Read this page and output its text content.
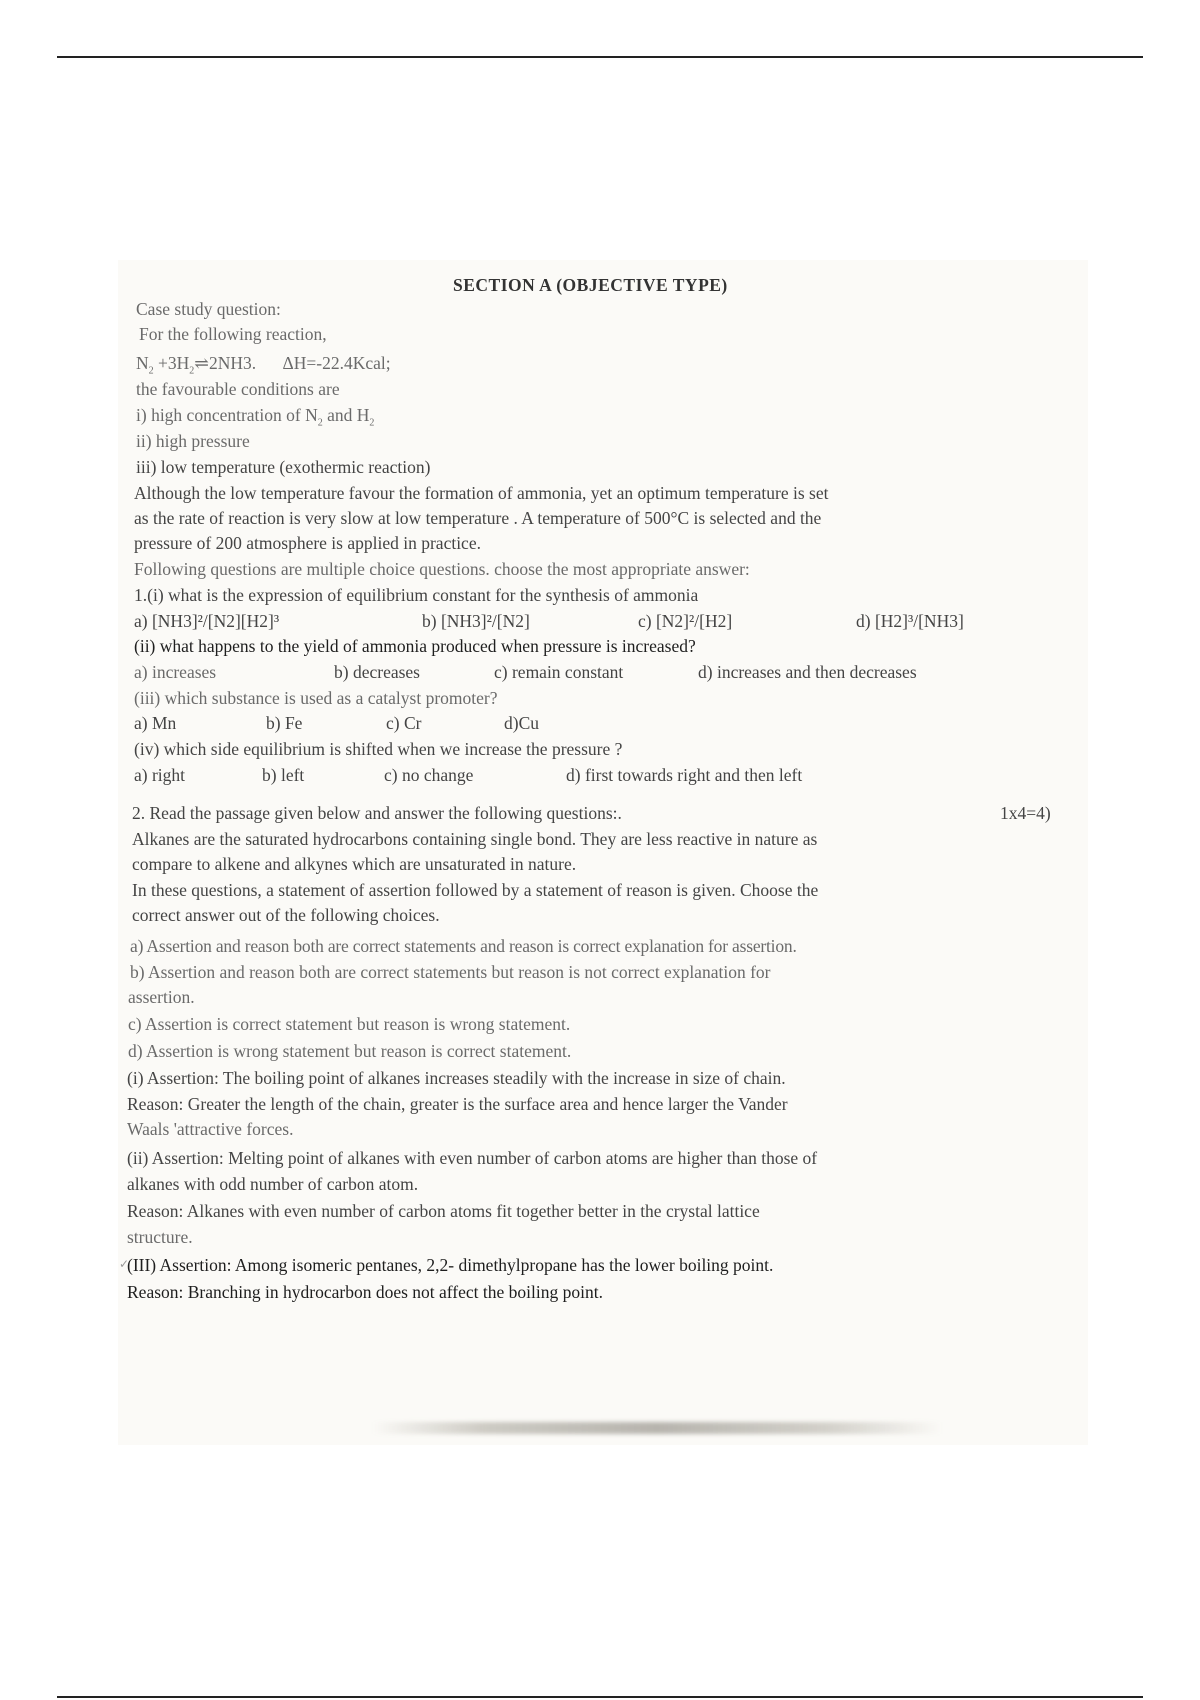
SECTION A (OBJECTIVE TYPE)
Case study question:
For the following reaction,
$N_2$ $+3H_2\rightleftharpoons 2NH3$. ΔH=-22.4Kcal;
the favourable conditions are
i) high concentration of $N_2$ and $H_2$
ii) high pressure
iii) low temperature (exothermic reaction)
Although the low temperature favour the formation of ammonia, yet an optimum temperature is set
as the rate of reaction is very slow at low temperature . A temperature of 500°C is selected and the
pressure of 200 atmosphere is applied in practice.
Following questions are multiple choice questions. choose the most appropriate answer:
1.(i) what is the expression of equilibrium constant for the synthesis of ammonia
a) [NH3]²/[N2][H2]³	b) [NH3]²/[N2]	c) [N2]²/[H2]	d) [H2]³/[NH3]
(ii) what happens to the yield of ammonia produced when pressure is increased?
a) increases	b) decreases	c) remain constant	d) increases and then decreases
(iii) which substance is used as a catalyst promoter?
a) Mn	b) Fe	c) Cr	d)Cu
(iv) which side equilibrium is shifted when we increase the pressure ?
a) right	b) left	c) no change	d) first towards right and then left
2. Read the passage given below and answer the following questions:.	1x4=4)
Alkanes are the saturated hydrocarbons containing single bond. They are less reactive in nature as
compare to alkene and alkynes which are unsaturated in nature.
In these questions, a statement of assertion followed by a statement of reason is given. Choose the
correct answer out of the following choices.
a) Assertion and reason both are correct statements and reason is correct explanation for assertion.
b) Assertion and reason both are correct statements but reason is not correct explanation for
assertion.
c) Assertion is correct statement but reason is wrong statement.
d) Assertion is wrong statement but reason is correct statement.
(i) Assertion: The boiling point of alkanes increases steadily with the increase in size of chain.
Reason: Greater the length of the chain, greater is the surface area and hence larger the Vander
Waals 'attractive forces.
(ii) Assertion: Melting point of alkanes with even number of carbon atoms are higher than those of
alkanes with odd number of carbon atom.
Reason: Alkanes with even number of carbon atoms fit together better in the crystal lattice
structure.
✓
(III) Assertion: Among isomeric pentanes, 2,2- dimethylpropane has the lower boiling point.
Reason: Branching in hydrocarbon does not affect the boiling point.
